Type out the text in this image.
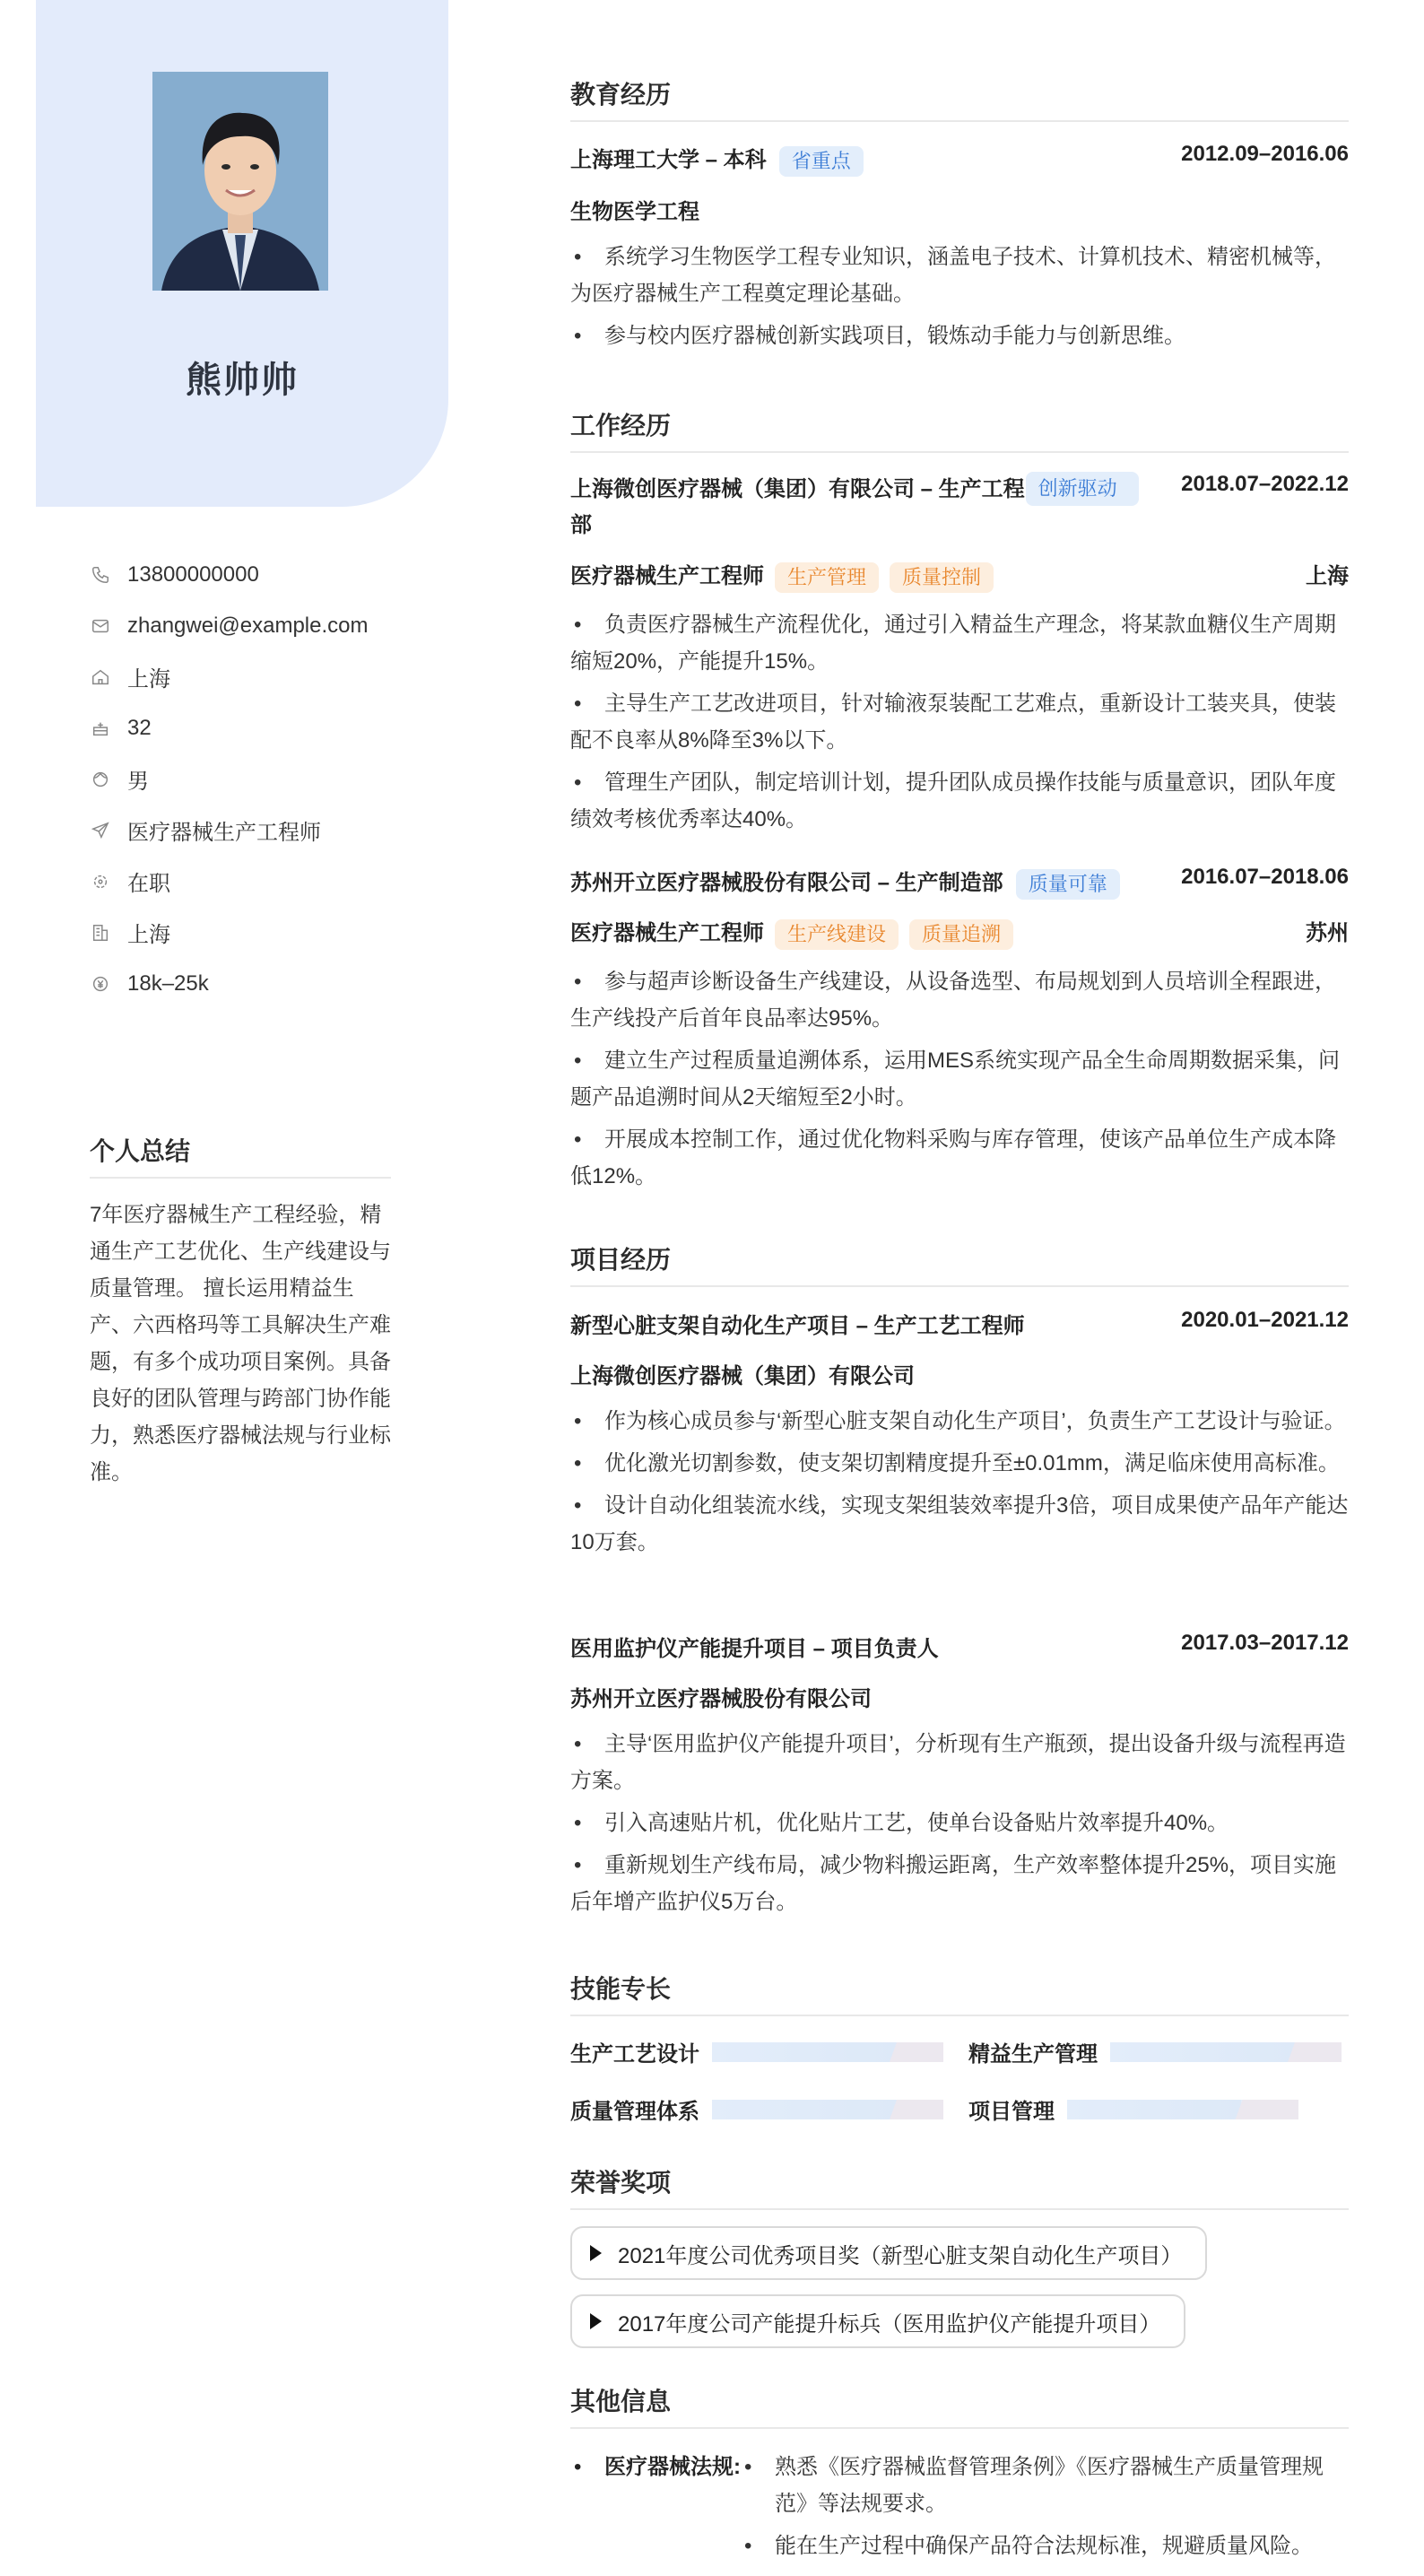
熊帅帅
13800000000
zhangwei@example.com
上海
32
男
医疗器械生产工程师
在职
上海
18k–25k
个人总结
7年医疗器械生产工程经验，精通生产工艺优化、生产线建设与质量管理。 擅长运用精益生产、六西格玛等工具解决生产难题，有多个成功项目案例。具备良好的团队管理与跨部门协作能力，熟悉医疗器械法规与行业标准。
教育经历
上海理工大学 – 本科 省重点	2012.09–2016.06
生物医学工程
• 系统学习生物医学工程专业知识，涵盖电子技术、计算机技术、精密机械等，为医疗器械生产工程奠定理论基础。
• 参与校内医疗器械创新实践项目，锻炼动手能力与创新思维。
工作经历
上海微创医疗器械（集团）有限公司 – 生产工程部
创新驱动	2018.07–2022.12
医疗器械生产工程师 生产管理 质量控制	上海
• 负责医疗器械生产流程优化，通过引入精益生产理念，将某款血糖仪生产周期缩短20%，产能提升15%。
• 主导生产工艺改进项目，针对输液泵装配工艺难点，重新设计工装夹具，使装配不良率从8%降至3%以下。
• 管理生产团队，制定培训计划，提升团队成员操作技能与质量意识，团队年度绩效考核优秀率达40%。
苏州开立医疗器械股份有限公司 – 生产制造部 质量可靠	2016.07–2018.06
医疗器械生产工程师 生产线建设 质量追溯	苏州
• 参与超声诊断设备生产线建设，从设备选型、布局规划到人员培训全程跟进，生产线投产后首年良品率达95%。
• 建立生产过程质量追溯体系，运用MES系统实现产品全生命周期数据采集，问题产品追溯时间从2天缩短至2小时。
• 开展成本控制工作，通过优化物料采购与库存管理，使该产品单位生产成本降低12%。
项目经历
新型心脏支架自动化生产项目 – 生产工艺工程师	2020.01–2021.12
上海微创医疗器械（集团）有限公司
• 作为核心成员参与‘新型心脏支架自动化生产项目’，负责生产工艺设计与验证。
• 优化激光切割参数，使支架切割精度提升至±0.01mm，满足临床使用高标准。
• 设计自动化组装流水线，实现支架组装效率提升3倍，项目成果使产品年产能达10万套。
医用监护仪产能提升项目 – 项目负责人	2017.03–2017.12
苏州开立医疗器械股份有限公司
• 主导‘医用监护仪产能提升项目’，分析现有生产瓶颈，提出设备升级与流程再造方案。
• 引入高速贴片机，优化贴片工艺，使单台设备贴片效率提升40%。
• 重新规划生产线布局，减少物料搬运距离，生产效率整体提升25%，项目实施后年增产监护仪5万台。
技能专长
生产工艺设计	精益生产管理
质量管理体系	项目管理
荣誉奖项
2021年度公司优秀项目奖（新型心脏支架自动化生产项目）
2017年度公司产能提升标兵（医用监护仪产能提升项目）
其他信息
• 医疗器械法规:
• 熟悉《医疗器械监督管理条例》《医疗器械生产质量管理规范》等法规要求。
• 能在生产过程中确保产品符合法规标准，规避质量风险。
